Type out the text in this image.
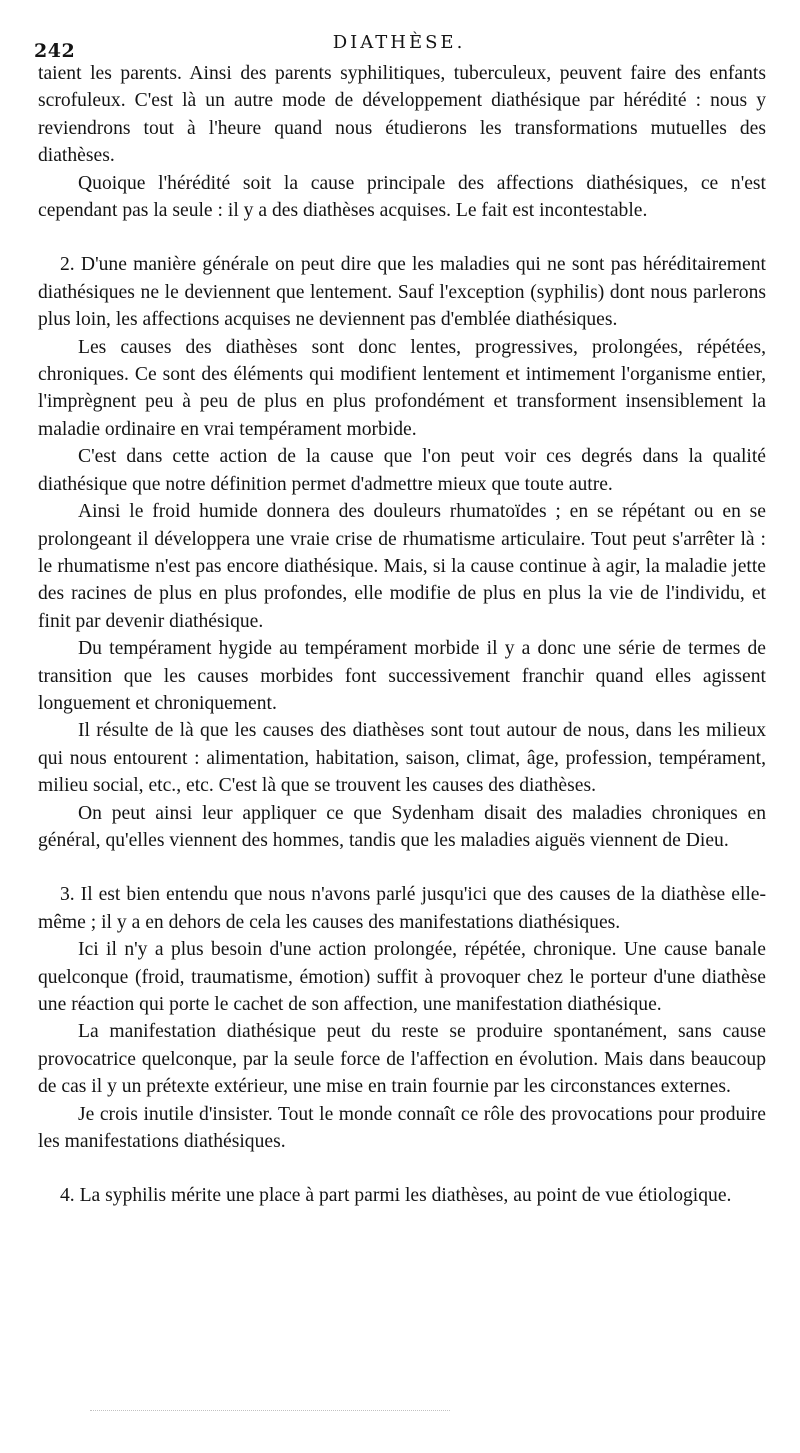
242	DIATHÈSE.

taient les parents. Ainsi des parents syphilitiques, tuberculeux, peuvent faire des enfants scrofuleux. C'est là un autre mode de développement diathésique par hérédité : nous y reviendrons tout à l'heure quand nous étudierons les transformations mutuelles des diathèses.

Quoique l'hérédité soit la cause principale des affections diathésiques, ce n'est cependant pas la seule : il y a des diathèses acquises. Le fait est incontestable.

2. D'une manière générale on peut dire que les maladies qui ne sont pas héréditairement diathésiques ne le deviennent que lentement. Sauf l'exception (syphilis) dont nous parlerons plus loin, les affections acquises ne deviennent pas d'emblée diathésiques.

Les causes des diathèses sont donc lentes, progressives, prolongées, répétées, chroniques. Ce sont des éléments qui modifient lentement et intimement l'organisme entier, l'imprègnent peu à peu de plus en plus profondément et transforment insensiblement la maladie ordinaire en vrai tempérament morbide.

C'est dans cette action de la cause que l'on peut voir ces degrés dans la qualité diathésique que notre définition permet d'admettre mieux que toute autre.

Ainsi le froid humide donnera des douleurs rhumatoïdes ; en se répétant ou en se prolongeant il développera une vraie crise de rhumatisme articulaire. Tout peut s'arrêter là : le rhumatisme n'est pas encore diathésique. Mais, si la cause continue à agir, la maladie jette des racines de plus en plus profondes, elle modifie de plus en plus la vie de l'individu, et finit par devenir diathésique.

Du tempérament hygide au tempérament morbide il y a donc une série de termes de transition que les causes morbides font successivement franchir quand elles agissent longuement et chroniquement.

Il résulte de là que les causes des diathèses sont tout autour de nous, dans les milieux qui nous entourent : alimentation, habitation, saison, climat, âge, profession, tempérament, milieu social, etc., etc. C'est là que se trouvent les causes des diathèses.

On peut ainsi leur appliquer ce que Sydenham disait des maladies chroniques en général, qu'elles viennent des hommes, tandis que les maladies aiguës viennent de Dieu.

3. Il est bien entendu que nous n'avons parlé jusqu'ici que des causes de la diathèse elle-même ; il y a en dehors de cela les causes des manifestations diathésiques.

Ici il n'y a plus besoin d'une action prolongée, répétée, chronique. Une cause banale quelconque (froid, traumatisme, émotion) suffit à provoquer chez le porteur d'une diathèse une réaction qui porte le cachet de son affection, une manifestation diathésique.

La manifestation diathésique peut du reste se produire spontanément, sans cause provocatrice quelconque, par la seule force de l'affection en évolution. Mais dans beaucoup de cas il y un prétexte extérieur, une mise en train fournie par les circonstances externes.

Je crois inutile d'insister. Tout le monde connaît ce rôle des provocations pour produire les manifestations diathésiques.

4. La syphilis mérite une place à part parmi les diathèses, au point de vue étiologique.
